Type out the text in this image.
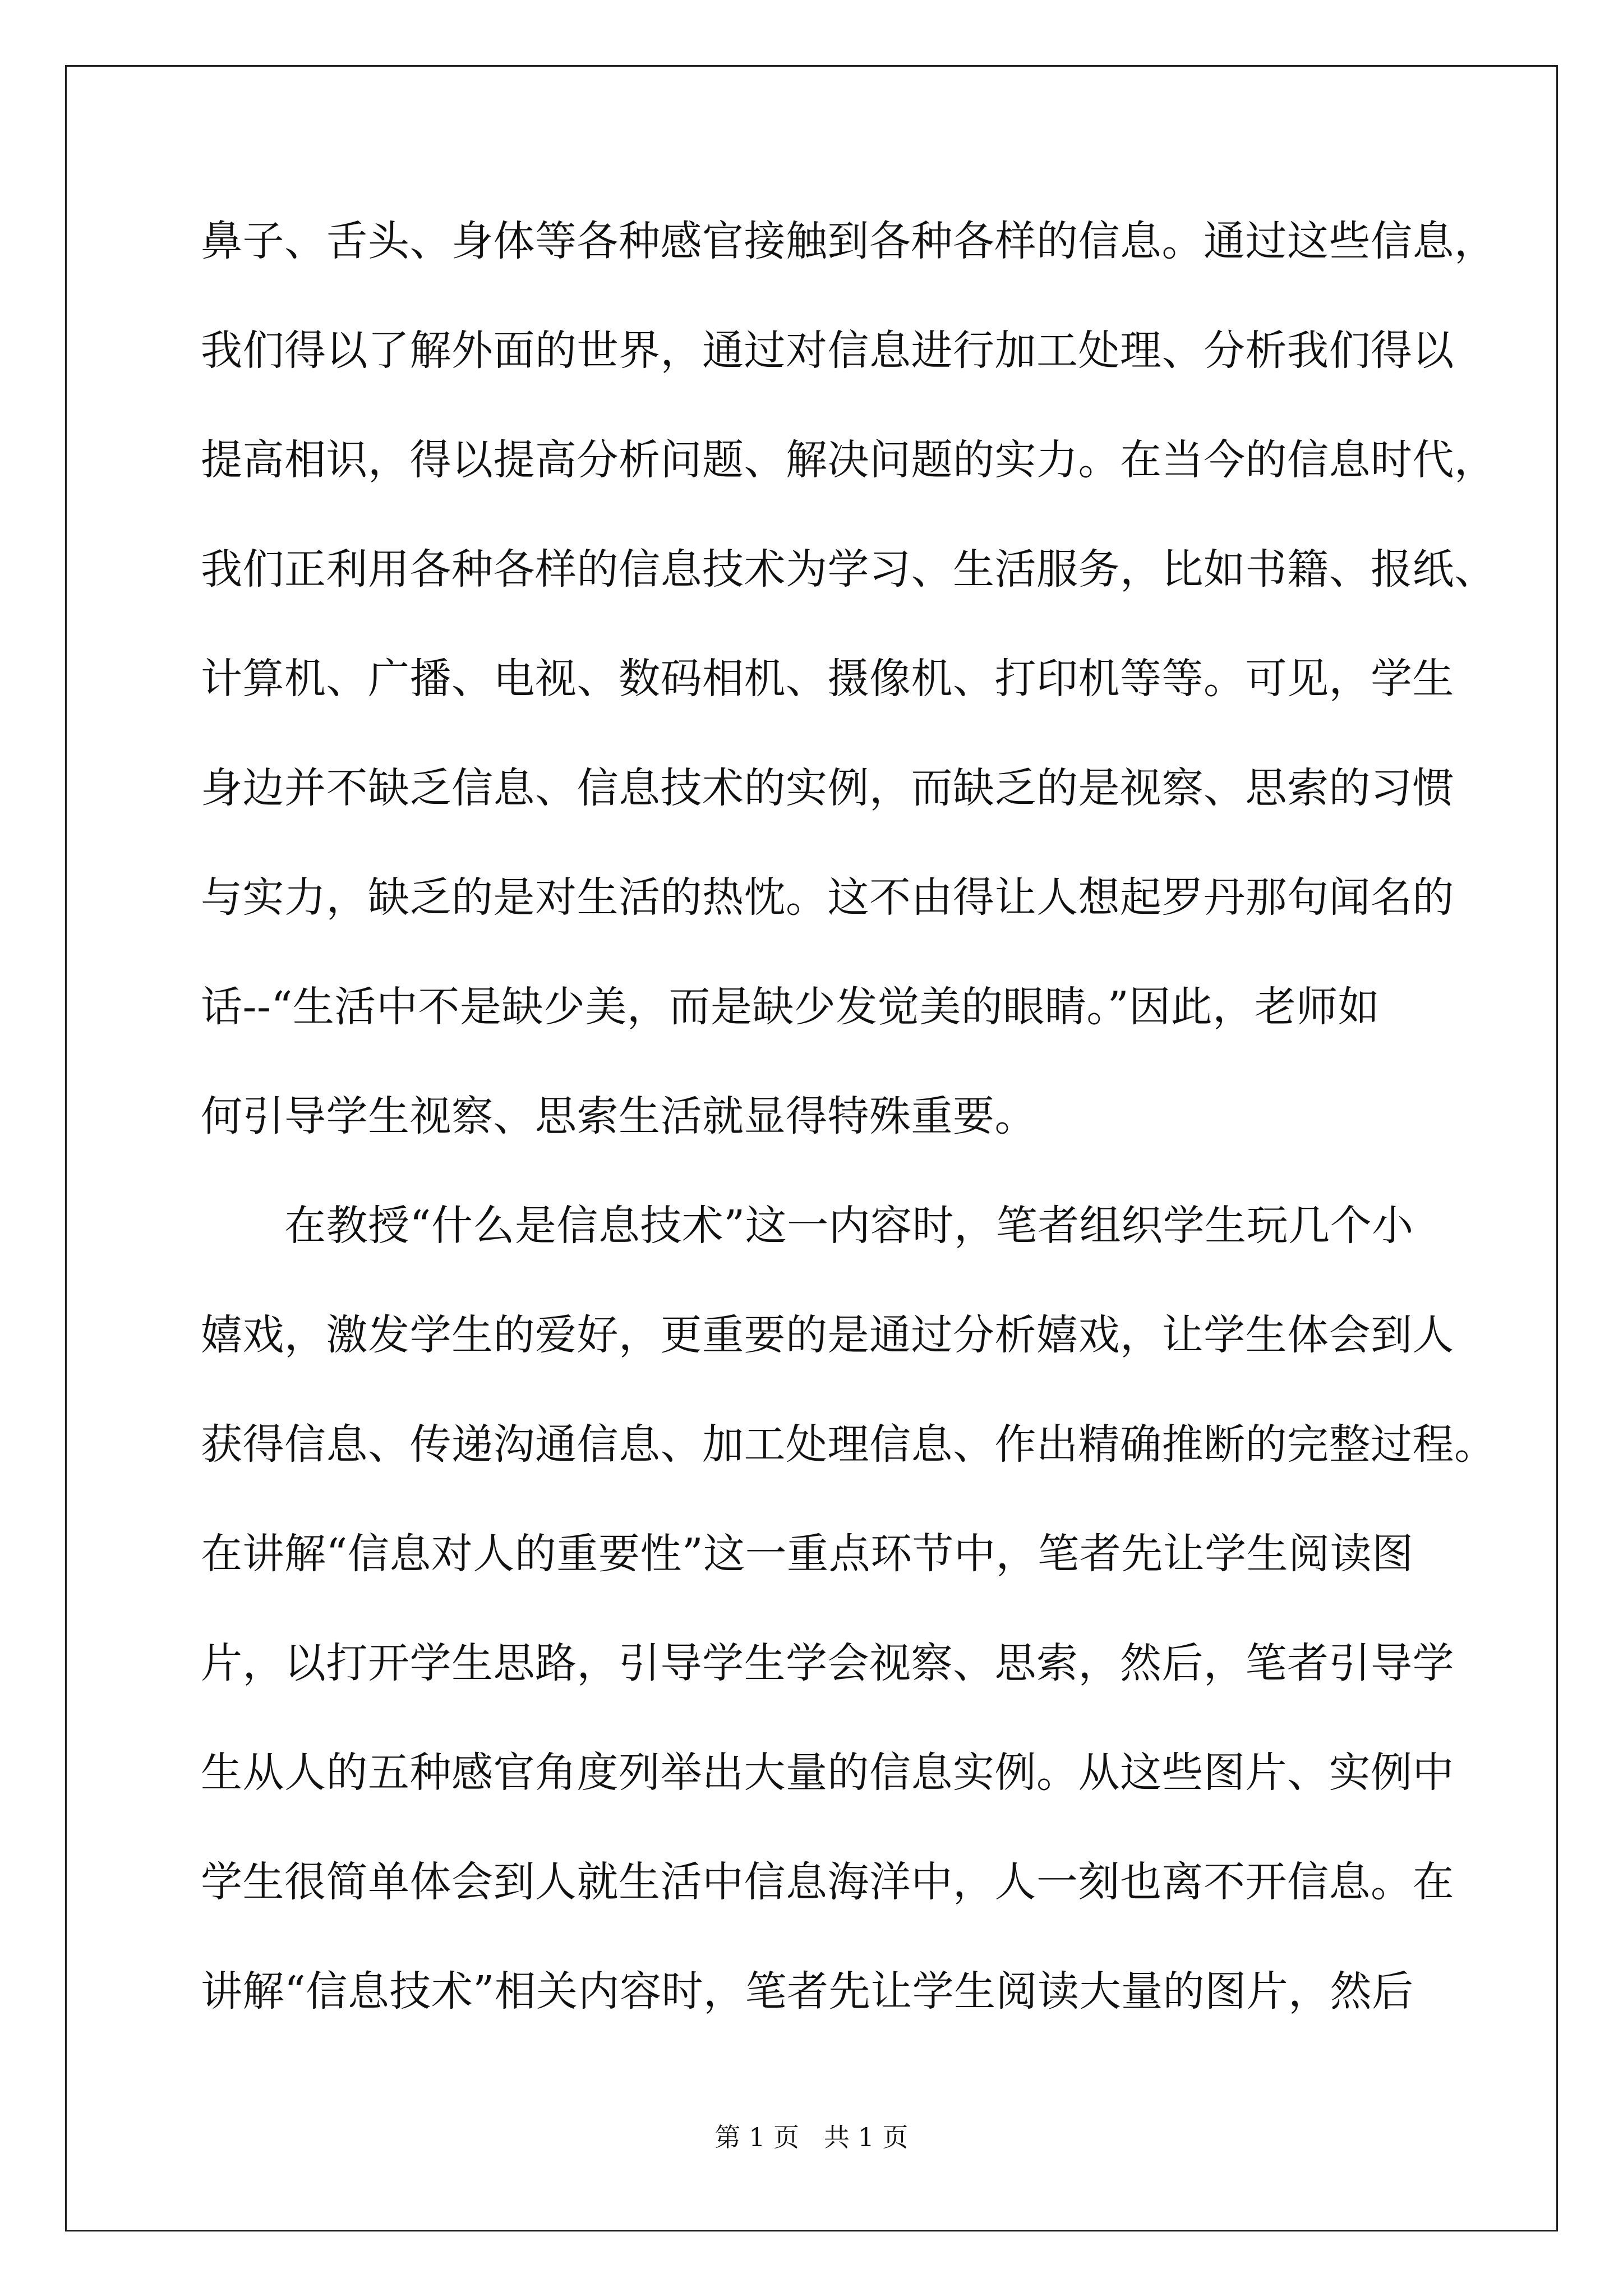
鼻子、舌头、身体等各种感官接触到各种各样的信息。通过这些信息，
我们得以了解外面的世界，通过对信息进行加工处理、分析我们得以
提高相识，得以提高分析问题、解决问题的实力。在当今的信息时代，
我们正利用各种各样的信息技术为学习、生活服务，比如书籍、报纸、
计算机、广播、电视、数码相机、摄像机、打印机等等。可见，学生
身边并不缺乏信息、信息技术的实例，而缺乏的是视察、思索的习惯
与实力，缺乏的是对生活的热忱。这不由得让人想起罗丹那句闻名的
话--“生活中不是缺少美，而是缺少发觉美的眼睛。”因此，老师如
何引导学生视察、思索生活就显得特殊重要。
　　在教授“什么是信息技术”这一内容时，笔者组织学生玩几个小
嬉戏，激发学生的爱好，更重要的是通过分析嬉戏，让学生体会到人
获得信息、传递沟通信息、加工处理信息、作出精确推断的完整过程。
在讲解“信息对人的重要性”这一重点环节中，笔者先让学生阅读图
片，以打开学生思路，引导学生学会视察、思索，然后，笔者引导学
生从人的五种感官角度列举出大量的信息实例。从这些图片、实例中
学生很简单体会到人就生活中信息海洋中，人一刻也离不开信息。在
讲解“信息技术”相关内容时，笔者先让学生阅读大量的图片，然后
第 1 页   共 1 页
